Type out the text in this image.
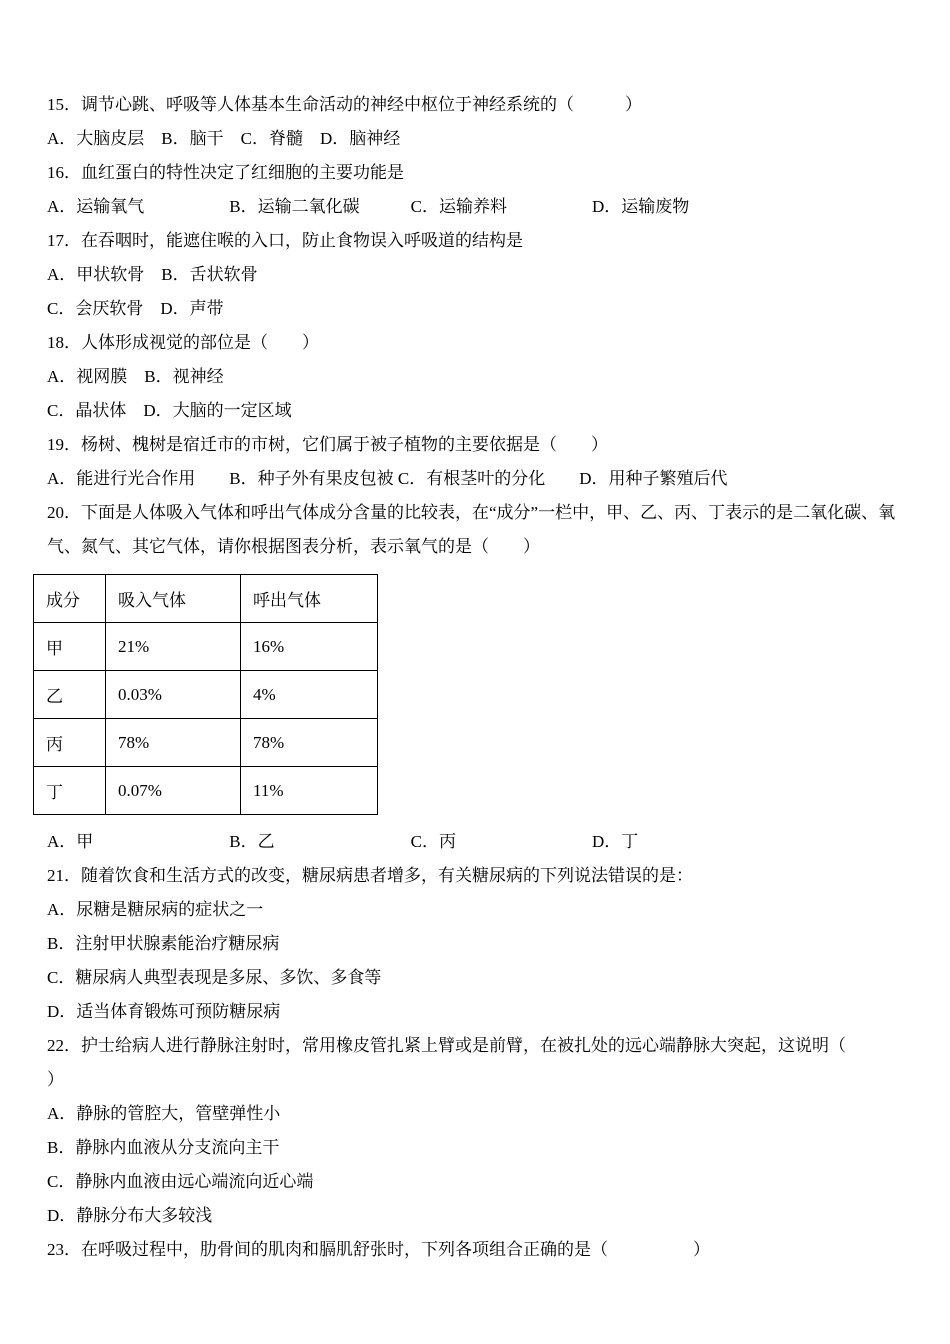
15．调节心跳、呼吸等人体基本生命活动的神经中枢位于神经系统的（　　　）

A．大脑皮层　B．脑干　C．脊髓　D．脑神经

16．血红蛋白的特性决定了红细胞的主要功能是

A．运输氧气　　　　　B．运输二氧化碳　　　C．运输养料　　　　　D．运输废物

17．在吞咽时，能遮住喉的入口，防止食物误入呼吸道的结构是

A．甲状软骨　B．舌状软骨

C．会厌软骨　D．声带

18．人体形成视觉的部位是（　　）

A．视网膜　B．视神经

C．晶状体　D．大脑的一定区域

19．杨树、槐树是宿迁市的市树，它们属于被子植物的主要依据是（　　）

A．能进行光合作用　　B．种子外有果皮包被 C．有根茎叶的分化　　D．用种子繁殖后代

20．下面是人体吸入气体和呼出气体成分含量的比较表，在“成分”一栏中，甲、乙、丙、丁表示的是二氧化碳、氧气、氮气、其它气体，请你根据图表分析，表示氧气的是（　　）

成分	吸入气体	呼出气体
甲	21%	16%
乙	0.03%	4%
丙	78%	78%
丁	0.07%	11%

A．甲　　　　　　　　B．乙　　　　　　　　C．丙　　　　　　　　D．丁

21．随着饮食和生活方式的改变，糖尿病患者增多，有关糖尿病的下列说法错误的是：

A．尿糖是糖尿病的症状之一

B．注射甲状腺素能治疗糖尿病

C．糖尿病人典型表现是多尿、多饮、多食等

D．适当体育锻炼可预防糖尿病

22．护士给病人进行静脉注射时，常用橡皮管扎紧上臂或是前臂，在被扎处的远心端静脉大突起，这说明（　　　）

A．静脉的管腔大，管壁弹性小

B．静脉内血液从分支流向主干

C．静脉内血液由远心端流向近心端

D．静脉分布大多较浅

23．在呼吸过程中，肋骨间的肌肉和膈肌舒张时，下列各项组合正确的是（　　　　　）
